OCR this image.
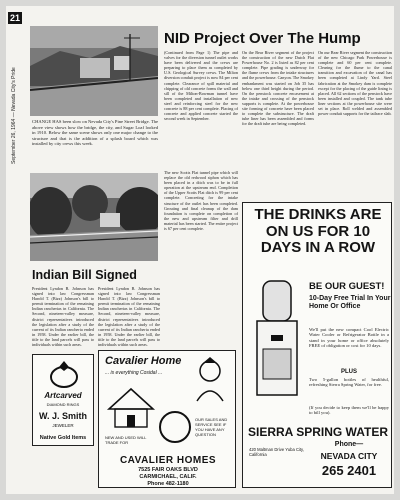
21
September 26, 1964 — Nevada City's Pride	CHANGE HAS been slow on Nevada City's Pine Street Bridge. The above view shows how the bridge, the city, and Sugar Loaf looked in 1910. Below the same scene shows only one major change to the structure and that is the addition of a splash board which was installed by city crews this week.
NID Project Over The Hump
(Continued from Page 1) The pipe and valves for the diversion tunnel outlet works have been delivered and the crews are preparing to place them as completed by U.S. Geological Survey crews. The Milton diversion conduit project is now 84 per cent complete. Clearance of spill material and chipping of old concrete forms the wall and sill of the Milton-Bowman tunnel have been completed and installation of new steel and reinforcing steel for the new concrete is 88 per cent complete. Placing of concrete and applied concrete started the second week in September.
The new Scotts Flat tunnel pipe which will replace the old redwood siphon which has been placed in a ditch was to be in full operation at the upstream end. Completion of the Upper Scotts Flat ditch is 99 per cent complete. Concreting for the intake structure of the outlet has been completed. Grouting and final cleanup of the dam foundation is complete on completion of the new and upstream filter and drill material has been started. The entire project is 67 per cent complete.
On the Bear River segment of the project the construction of the new Dutch Flat Powerhouse No. 2 is listed as 82 per cent complete. Pipe grading is underway for the flume crews from the intake structures and the powerhouse. Canyon. The Smokey embankment was started on Job 35 has below one third height during the period. On the penstock concrete encasement at the intake and crossing of the penstock supports is complete. At the powerhouse site forming of concrete have been placed to complete the substructure. The draft tube liner has been assembled and forms for the draft tube are being completed.
On our Bear River segment the construction of the new Chicago Park Powerhouse is complete and 60 per cent complete. Clearing for the flume to the canal transition and excavation of the canal has been completed at Lindy Yard. Steel fabrication at the Smokey dam is complete except for the placing of the guide lining is placed. All 62 sections of the penstock have been installed and coupled. The tank tube liner sections at the powerhouse site were set in place. Roll welded and assembled power conduit supports for the tailrace slab.
Indian Bill Signed
President Lyndon B. Johnson has signed into law Congressman Harold T. (Bizz) Johnson's bill to permit termination of the remaining Indian rancherias in California. The Second, nineteen-valley measure, district representatives introduced the legislation after a study of the current of its Indian rancheria ended in 1958. Under the earlier bill, the title to the land parcels will pass to individuals within such areas.
President Lyndon B. Johnson has signed into law Congressman Harold T. (Bizz) Johnson's bill to permit termination of the remaining Indian rancherias in California. The Second, nineteen-valley measure, district representatives introduced the legislation after a study of the current of its Indian rancheria ended in 1958. Under the earlier bill, the title to the land parcels will pass to individuals within such areas.
Artcarved
DIAMOND RINGS
W. J. Smith
JEWELER
Native Gold Items
Cavalier Home
... is everything Cosidal ...
CAVALIER HOMES
7525 FAIR OAKS BLVD
CARMICHAEL, CALIF.
Phone 482-1180
NEW AND USED WILL TRADE FOR
OUR SALES AND SERVICE SEE IF YOU HAVE ANY QUESTION
THE DRINKS ARE ON US FOR 10 DAYS IN A ROW
BE OUR GUEST!
10-Day Free Trial In Your Home Or Office
We'll put the new compact Cool Electric Water Cooler or Refrigerator Bottle in a stand in your home or office absolutely FREE of obligation or cost for 10 days.
PLUS
Two 5-gallon bottles of healthful, refreshing Sierra Spring Water, for free.
(If you decide to keep them we'll be happy to bill you).
SIERRA SPRING WATER
420 Maltman Drive Yuba City, California
Phone—
NEVADA CITY
265 2401
